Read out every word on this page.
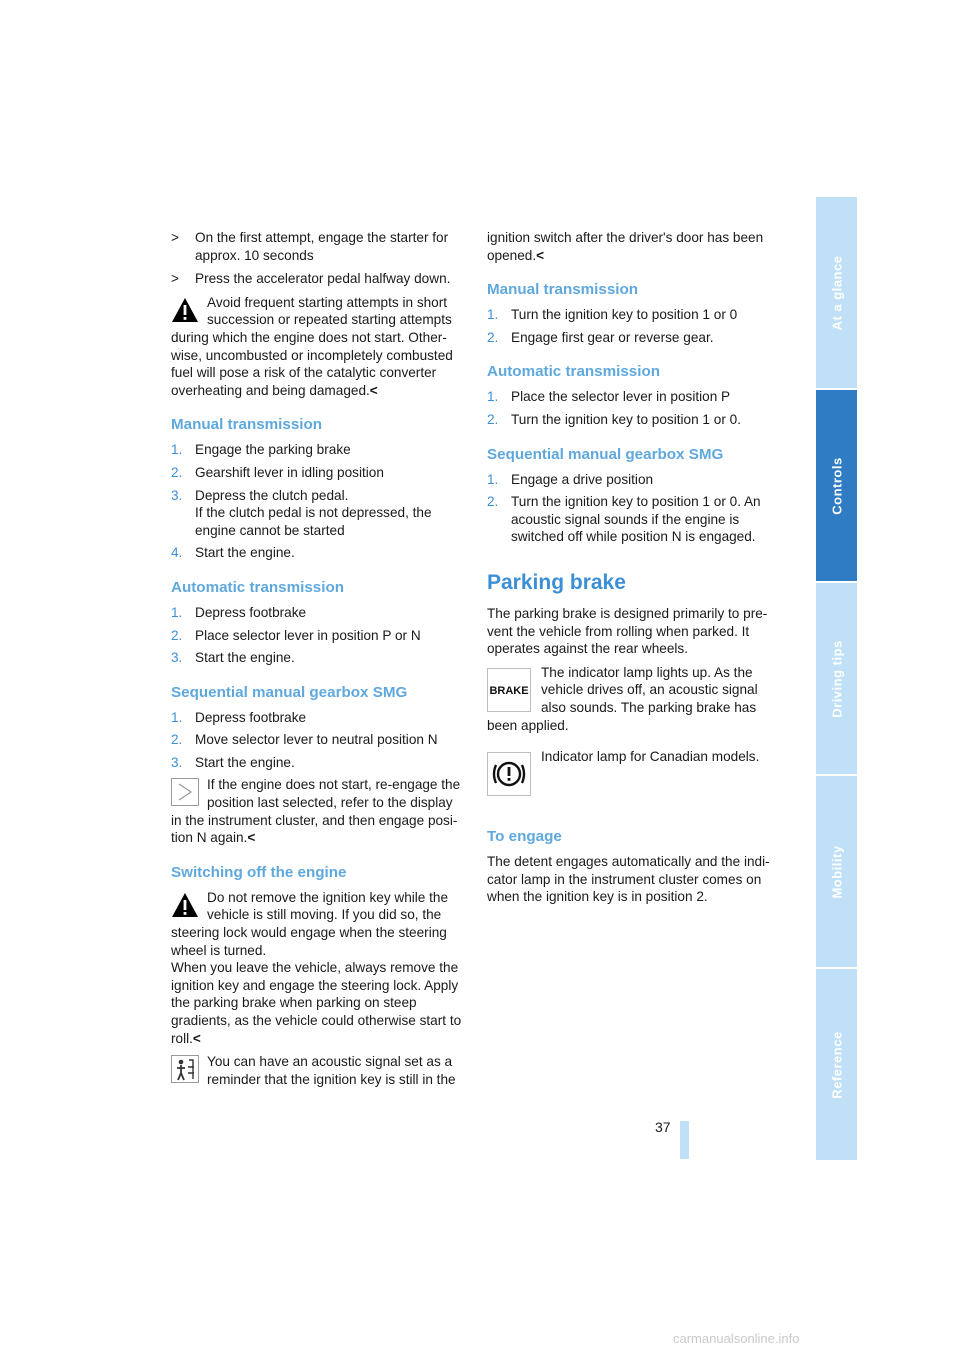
>	On the first attempt, engage the starter for approx. 10 seconds
>	Press the accelerator pedal halfway down.
Avoid frequent starting attempts in short succession or repeated starting attempts during which the engine does not start. Other-wise, uncombusted or incompletely combusted fuel will pose a risk of the catalytic converter overheating and being damaged.<
Manual transmission
1. Engage the parking brake
2. Gearshift lever in idling position
3. Depress the clutch pedal.
If the clutch pedal is not depressed, the engine cannot be started
4. Start the engine.
Automatic transmission
1. Depress footbrake
2. Place selector lever in position P or N
3. Start the engine.
Sequential manual gearbox SMG
1. Depress footbrake
2. Move selector lever to neutral position N
3. Start the engine.
If the engine does not start, re-engage the position last selected, refer to the display in the instrument cluster, and then engage posi-tion N again.<
Switching off the engine
Do not remove the ignition key while the vehicle is still moving. If you did so, the steering lock would engage when the steering wheel is turned.
When you leave the vehicle, always remove the ignition key and engage the steering lock. Apply the parking brake when parking on steep gradients, as the vehicle could otherwise start to roll.<
You can have an acoustic signal set as a reminder that the ignition key is still in the

ignition switch after the driver's door has been opened.<

Manual transmission
1. Turn the ignition key to position 1 or 0
2. Engage first gear or reverse gear.
Automatic transmission
1. Place the selector lever in position P
2. Turn the ignition key to position 1 or 0.
Sequential manual gearbox SMG
1. Engage a drive position
2. Turn the ignition key to position 1 or 0. An acoustic signal sounds if the engine is switched off while position N is engaged.
Parking brake

The parking brake is designed primarily to pre-vent the vehicle from rolling when parked. It operates against the rear wheels.

BRAKE
The indicator lamp lights up. As the vehicle drives off, an acoustic signal also sounds. The parking brake has been applied.
Indicator lamp for Canadian models.
To engage

The detent engages automatically and the indi-cator lamp in the instrument cluster comes on when the ignition key is in position 2.

At a glance
Controls
Driving tips
Mobility
Reference
37
carmanualsonline.info
